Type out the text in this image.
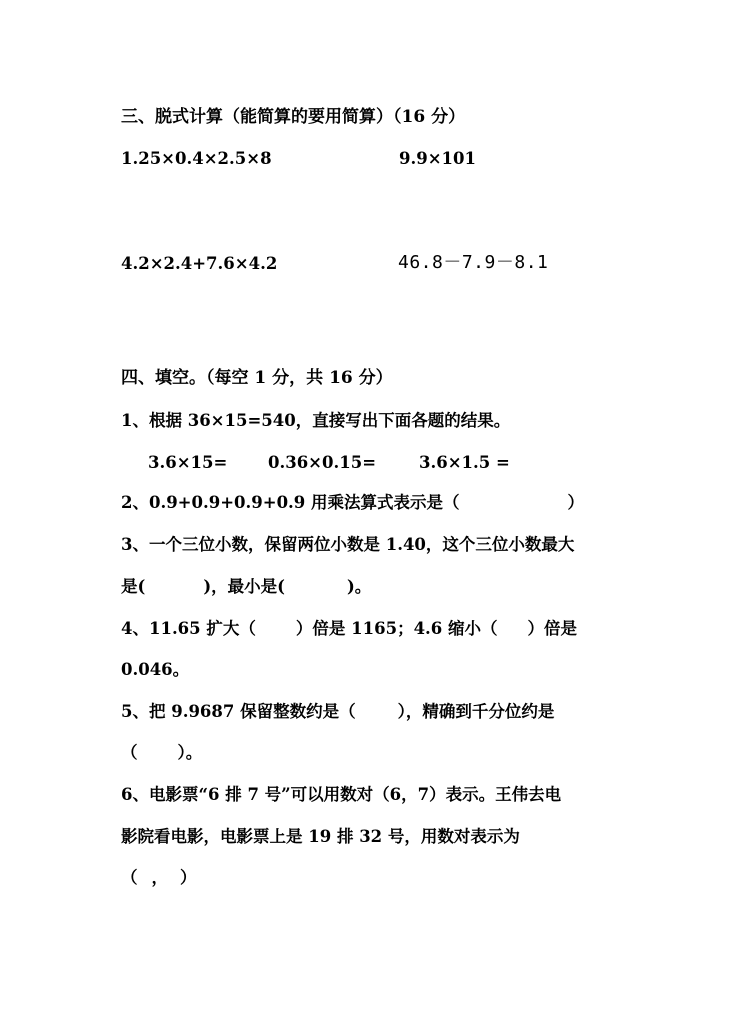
三、脱式计算（能简算的要用简算）（16 分）
1.25×0.4×2.5×8	9.9×101
4.2×2.4+7.6×4.2	46.8－7.9－8.1
四、填空。（每空 1 分，共 16 分）
1、根据 36×15=540，直接写出下面各题的结果。
3.6×15= 0.36×0.15=	3.6×1.5 =
2、0.9+0.9+0.9+0.9 用乘法算式表示是（	）
3、一个三位小数，保留两位小数是 1.40，这个三位小数最大
是(	)，最小是(	)。
4、11.65 扩大（ ）倍是 1165；4.6 缩小（ ）倍是
0.046。
5、把 9.9687 保留整数约是（	），精确到千分位约是
（ ）。
6、电影票“6 排 7 号”可以用数对（6，7）表示。王伟去电
影院看电影，电影票上是 19 排 32 号，用数对表示为
（ ， ）
